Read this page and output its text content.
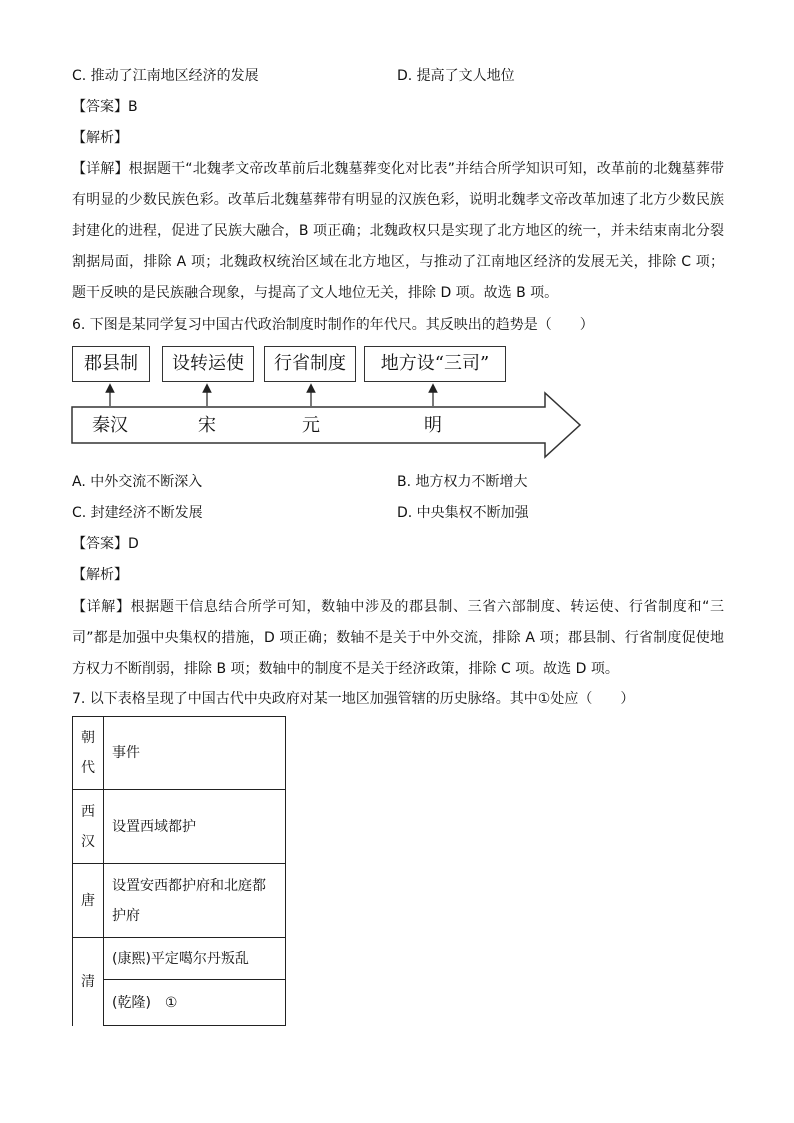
C. 推动了江南地区经济的发展	D. 提高了文人地位
【答案】B
【解析】
【详解】根据题干“北魏孝文帝改革前后北魏墓葬变化对比表”并结合所学知识可知，改革前的北魏墓葬带有明显的少数民族色彩。改革后北魏墓葬带有明显的汉族色彩，说明北魏孝文帝改革加速了北方少数民族封建化的进程，促进了民族大融合，B 项正确；北魏政权只是实现了北方地区的统一，并未结束南北分裂割据局面，排除 A 项；北魏政权统治区域在北方地区，与推动了江南地区经济的发展无关，排除 C 项；题干反映的是民族融合现象，与提高了文人地位无关，排除 D 项。故选 B 项。
6. 下图是某同学复习中国古代政治制度时制作的年代尺。其反映出的趋势是（　　）
郡县制	设转运使	行省制度	地方设“三司”
秦汉	宋	元	明
A. 中外交流不断深入	B. 地方权力不断增大
C. 封建经济不断发展	D. 中央集权不断加强
【答案】D
【解析】
【详解】根据题干信息结合所学可知，数轴中涉及的郡县制、三省六部制度、转运使、行省制度和“三司”都是加强中央集权的措施，D 项正确；数轴不是关于中外交流，排除 A 项；郡县制、行省制度促使地方权力不断削弱，排除 B 项；数轴中的制度不是关于经济政策，排除 C 项。故选 D 项。
7. 以下表格呈现了中国古代中央政府对某一地区加强管辖的历史脉络。其中①处应（　　）
朝代	事件
西汉	设置西域都护
唐	设置安西都护府和北庭都护府
清	(康熙)平定噶尔丹叛乱
	(乾隆)　①
